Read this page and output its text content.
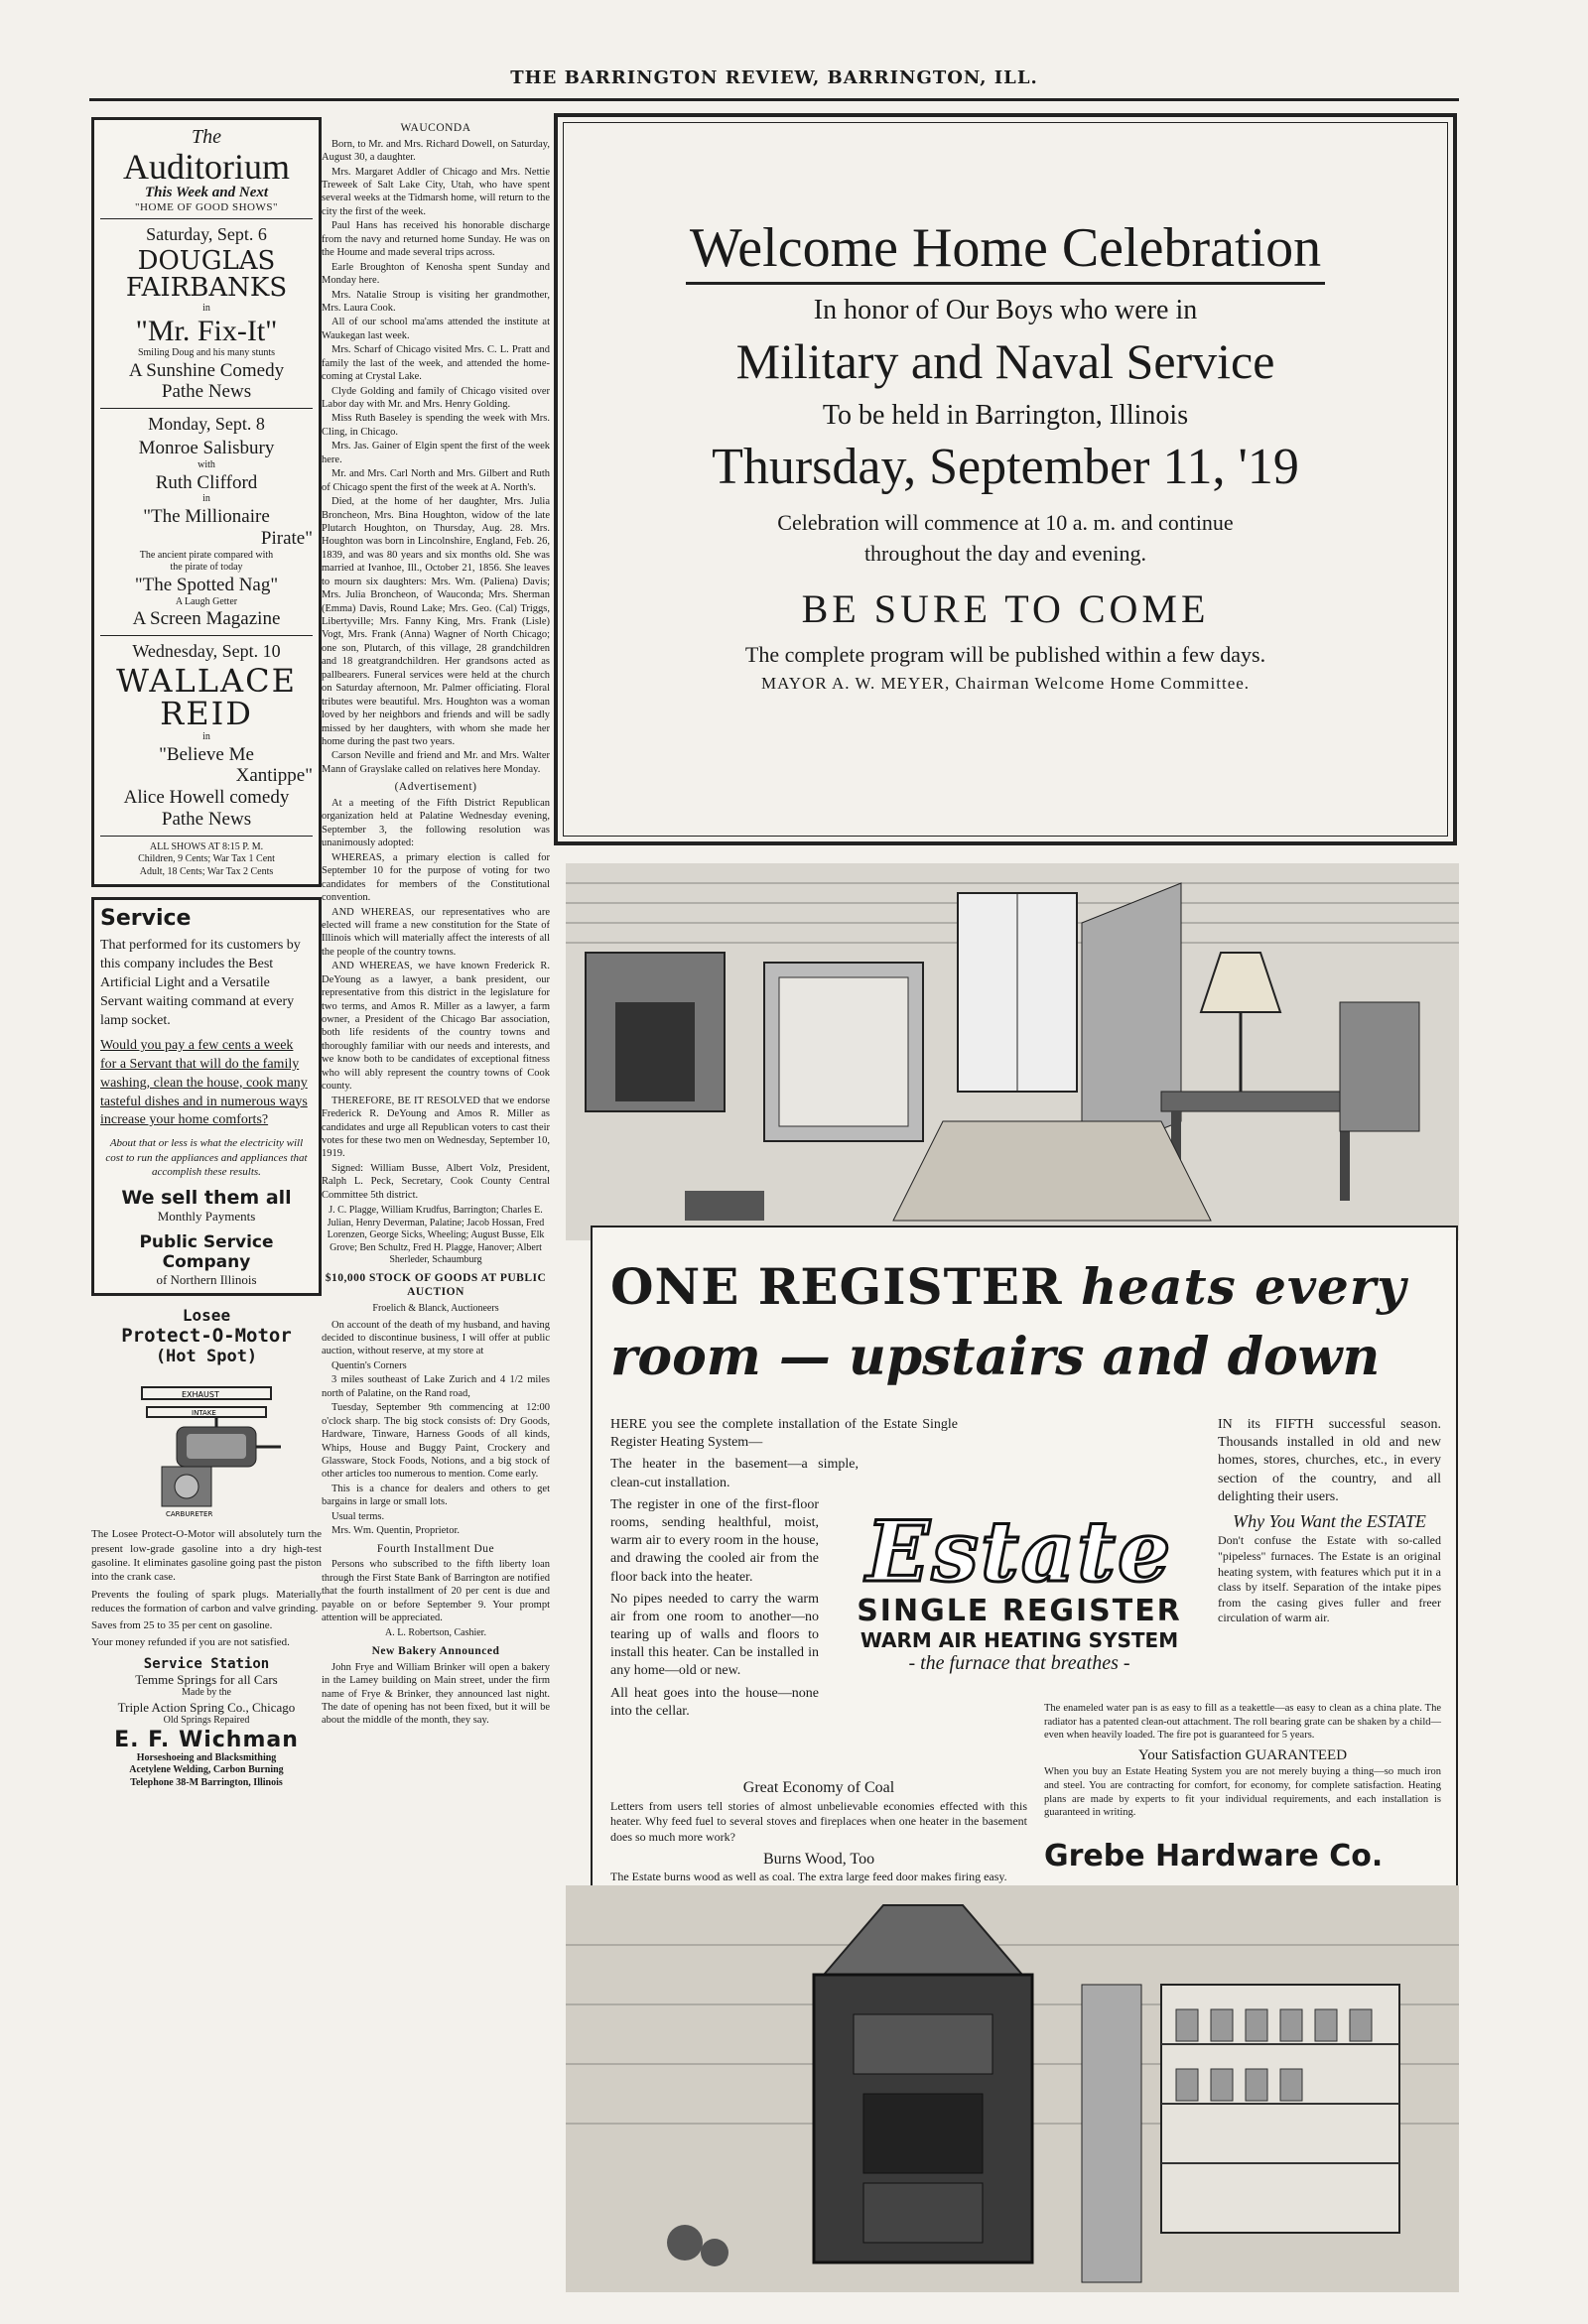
THE BARRINGTON REVIEW, BARRINGTON, ILL.
The
Auditorium
This Week and Next
"HOME OF GOOD SHOWS"
Saturday, Sept. 6
DOUGLAS
FAIRBANKS
in
"Mr. Fix-It"
Smiling Doug and his many stunts
A Sunshine Comedy
Pathe News
Monday, Sept. 8
Monroe Salisbury
with
Ruth Clifford
in
"The Millionaire
Pirate"
The ancient pirate compared with
the pirate of today
"The Spotted Nag"
A Laugh Getter
A Screen Magazine
Wednesday, Sept. 10
WALLACE
REID
in
"Believe Me
Xantippe"
Alice Howell comedy
Pathe News
ALL SHOWS AT 8:15 P. M.
Children, 9 Cents; War Tax 1 Cent
Adult, 18 Cents; War Tax 2 Cents
Service

That performed for its customers by this company includes the Best Artificial Light and a Versatile Servant waiting command at every lamp socket.

Would you pay a few cents a week for a Servant that will do the family washing, clean the house, cook many tasteful dishes and in numerous ways increase your home comforts?

About that or less is what the electricity will cost to run the appliances and appliances that accomplish these results.
We sell them all
Monthly Payments
Public Service
Company
of Northern Illinois
Losee
Protect-O-Motor
(Hot Spot)
EXHAUST
INTAKE
CARBURETER
The Losee Protect-O-Motor will absolutely turn the present low-grade gasoline into a dry high-test gasoline. It eliminates gasoline going past the piston into the crank case.
Prevents the fouling of spark plugs. Materially reduces the formation of carbon and valve grinding.
Saves from 25 to 35 per cent on gasoline.
Your money refunded if you are not satisfied.
Service Station
Temme Springs for all Cars
Made by the
Triple Action Spring Co., Chicago
Old Springs Repaired
E. F. Wichman
Horseshoeing and Blacksmithing
Acetylene Welding, Carbon Burning
Telephone 38-M Barrington, Illinois
WAUCONDA

Born, to Mr. and Mrs. Richard Dowell, on Saturday, August 30, a daughter.

Mrs. Margaret Addler of Chicago and Mrs. Nettie Treweek of Salt Lake City, Utah, who have spent several weeks at the Tidmarsh home, will return to the city the first of the week.

Paul Hans has received his honorable discharge from the navy and returned home Sunday. He was on the Houme and made several trips across.

Earle Broughton of Kenosha spent Sunday and Monday here.

Mrs. Natalie Stroup is visiting her grandmother, Mrs. Laura Cook.

All of our school ma'ams attended the institute at Waukegan last week.

Mrs. Scharf of Chicago visited Mrs. C. L. Pratt and family the last of the week, and attended the home-coming at Crystal Lake.

Clyde Golding and family of Chicago visited over Labor day with Mr. and Mrs. Henry Golding.

Miss Ruth Baseley is spending the week with Mrs. Cling, in Chicago.

Mrs. Jas. Gainer of Elgin spent the first of the week here.

Mr. and Mrs. Carl North and Mrs. Gilbert and Ruth of Chicago spent the first of the week at A. North's.

Died, at the home of her daughter, Mrs. Julia Broncheon, Mrs. Bina Houghton, widow of the late Plutarch Houghton, on Thursday, Aug. 28. Mrs. Houghton was born in Lincolnshire, England, Feb. 26, 1839, and was 80 years and six months old. She was married at Ivanhoe, Ill., October 21, 1856. She leaves to mourn six daughters: Mrs. Wm. (Paliena) Davis; Mrs. Julia Broncheon, of Wauconda; Mrs. Sherman (Emma) Davis, Round Lake; Mrs. Geo. (Cal) Triggs, Libertyville; Mrs. Fanny King, Mrs. Frank (Lisle) Vogt, Mrs. Frank (Anna) Wagner of North Chicago; one son, Plutarch, of this village, 28 grandchildren and 18 greatgrandchildren. Her grandsons acted as pallbearers. Funeral services were held at the church on Saturday afternoon, Mr. Palmer officiating. Floral tributes were beautiful. Mrs. Houghton was a woman loved by her neighbors and friends and will be sadly missed by her daughters, with whom she made her home during the past two years.

Carson Neville and friend and Mr. and Mrs. Walter Mann of Grayslake called on relatives here Monday.

(Advertisement)

At a meeting of the Fifth District Republican organization held at Palatine Wednesday evening, September 3, the following resolution was unanimously adopted:

WHEREAS, a primary election is called for September 10 for the purpose of voting for two candidates for members of the Constitutional convention.

AND WHEREAS, our representatives who are elected will frame a new constitution for the State of Illinois which will materially affect the interests of all the people of the country towns.

AND WHEREAS, we have known Frederick R. DeYoung as a lawyer, a bank president, our representative from this district in the legislature for two terms, and Amos R. Miller as a lawyer, a farm owner, a President of the Chicago Bar association, both life residents of the country towns and thoroughly familiar with our needs and interests, and we know both to be candidates of exceptional fitness who will ably represent the country towns of Cook county.

THEREFORE, BE IT RESOLVED that we endorse Frederick R. DeYoung and Amos R. Miller as candidates and urge all Republican voters to cast their votes for these two men on Wednesday, September 10, 1919.

Signed: William Busse, Albert Volz, President, Ralph L. Peck, Secretary, Cook County Central Committee 5th district.

J. C. Plagge, William Krudfus, Barrington; Charles E. Julian, Henry Deverman, Palatine; Jacob Hossan, Fred Lorenzen, George Sicks, Wheeling; August Busse, Elk Grove; Ben Schultz, Fred H. Plagge, Hanover; Albert Sherleder, Schaumburg
$10,000 STOCK OF GOODS AT PUBLIC AUCTION
Froelich & Blanck, Auctioneers

On account of the death of my husband, and having decided to discontinue business, I will offer at public auction, without reserve, at my store at

Quentin's Corners

3 miles southeast of Lake Zurich and 4 1/2 miles north of Palatine, on the Rand road,

Tuesday, September 9th commencing at 12:00 o'clock sharp. The big stock consists of: Dry Goods, Hardware, Tinware, Harness Goods of all kinds, Whips, House and Buggy Paint, Crockery and Glassware, Stock Foods, Notions, and a big stock of other articles too numerous to mention. Come early.

This is a chance for dealers and others to get bargains in large or small lots.

Usual terms.

Mrs. Wm. Quentin, Proprietor.

Fourth Installment Due

Persons who subscribed to the fifth liberty loan through the First State Bank of Barrington are notified that the fourth installment of 20 per cent is due and payable on or before September 9. Your prompt attention will be appreciated.

A. L. Robertson, Cashier.
New Bakery Announced

John Frye and William Brinker will open a bakery in the Lamey building on Main street, under the firm name of Frye & Brinker, they announced last night. The date of opening has not been fixed, but it will be about the middle of the month, they say.

Welcome Home Celebration
In honor of Our Boys who were in
Military and Naval Service
To be held in Barrington, Illinois
Thursday, September 11, '19
Celebration will commence at 10 a. m. and continue
throughout the day and evening.
BE SURE TO COME
The complete program will be published within a few days.
MAYOR A. W. MEYER, Chairman Welcome Home Committee.
ONE REGISTER heats every
room — upstairs and down

HERE you see the complete installation of the Estate Single Register Heating System—

The heater in the basement—a simple, clean-cut installation.

The register in one of the first-floor rooms, sending healthful, moist, warm air to every room in the house, and drawing the cooled air from the floor back into the heater.

No pipes needed to carry the warm air from one room to another—no tearing up of walls and floors to install this heater. Can be installed in any home—old or new.

All heat goes into the house—none into the cellar.

IN its FIFTH successful season. Thousands installed in old and new homes, stores, churches, etc., in every section of the country, and all delighting their users.

Why You Want the ESTATE

Don't confuse the Estate with so-called "pipeless" furnaces. The Estate is an original heating system, with features which put it in a class by itself. Separation of the intake pipes from the casing gives fuller and freer circulation of warm air.

Estate
SINGLE REGISTER
WARM AIR HEATING SYSTEM
- the furnace that breathes -
Great Economy of Coal

Letters from users tell stories of almost unbelievable economies effected with this heater. Why feed fuel to several stoves and fireplaces when one heater in the basement does so much more work?

Burns Wood, Too

The Estate burns wood as well as coal. The extra large feed door makes firing easy.

The enameled water pan is as easy to fill as a teakettle—as easy to clean as a china plate. The radiator has a patented clean-out attachment. The roll bearing grate can be shaken by a child—even when heavily loaded. The fire pot is guaranteed for 5 years.

Your Satisfaction GUARANTEED

When you buy an Estate Heating System you are not merely buying a thing—so much iron and steel. You are contracting for comfort, for economy, for complete satisfaction. Heating plans are made by experts to fit your individual requirements, and each installation is guaranteed in writing.

Grebe Hardware Co.
